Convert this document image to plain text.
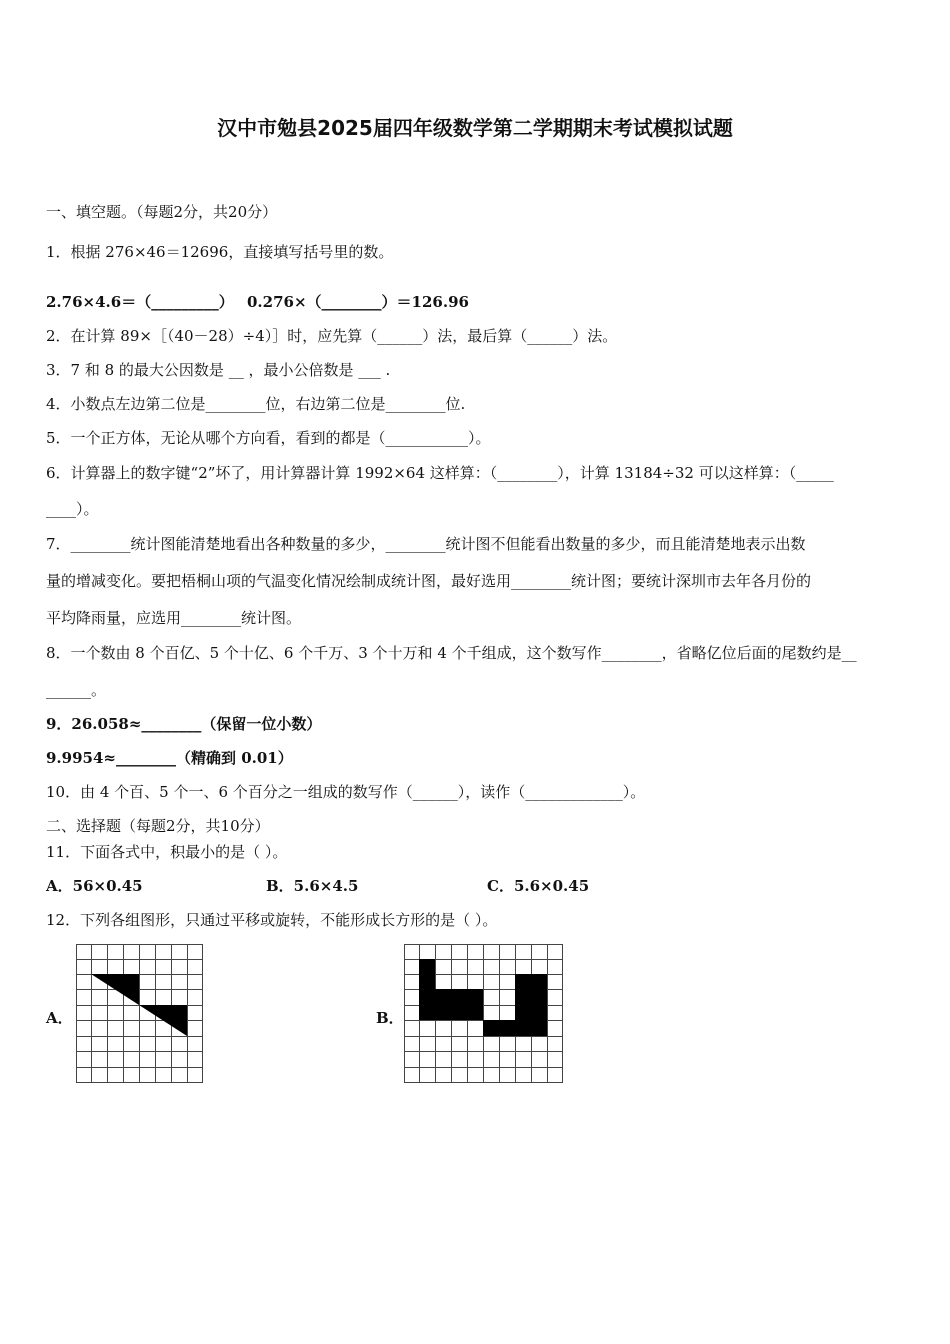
汉中市勉县2025届四年级数学第二学期期末考试模拟试题
一、填空题。（每题2分，共20分）
1．根据 276×46＝12696，直接填写括号里的数。
2.76×4.6＝（_________） 0.276×（________）＝126.96
2．在计算 89×［（40－28）÷4）］时，应先算（______）法，最后算（______）法。
3．7 和 8 的最大公因数是 __ ，最小公倍数是 ___ .
4．小数点左边第二位是________位，右边第二位是________位.
5．一个正方体，无论从哪个方向看，看到的都是（___________）。
6．计算器上的数字键“2”坏了，用计算器计算 1992×64 这样算：（________），计算 13184÷32 可以这样算：（_____
____）。
7．________统计图能清楚地看出各种数量的多少，________统计图不但能看出数量的多少，而且能清楚地表示出数
量的增减变化。要把梧桐山项的气温变化情况绘制成统计图，最好选用________统计图；要统计深圳市去年各月份的
平均降雨量，应选用________统计图。
8．一个数由 8 个百亿、5 个十亿、6 个千万、3 个十万和 4 个千组成，这个数写作________，省略亿位后面的尾数约是__
______。
9．26.058≈________（保留一位小数）
9.9954≈________（精确到 0.01）
10．由 4 个百、5 个一、6 个百分之一组成的数写作（______），读作（_____________）。
二、选择题（每题2分，共10分）
11．下面各式中，积最小的是（ ）。
A．56×0.45	B．5.6×4.5	C．5.6×0.45
12．下列各组图形，只通过平移或旋转，不能形成长方形的是（ ）。
A．	B．
